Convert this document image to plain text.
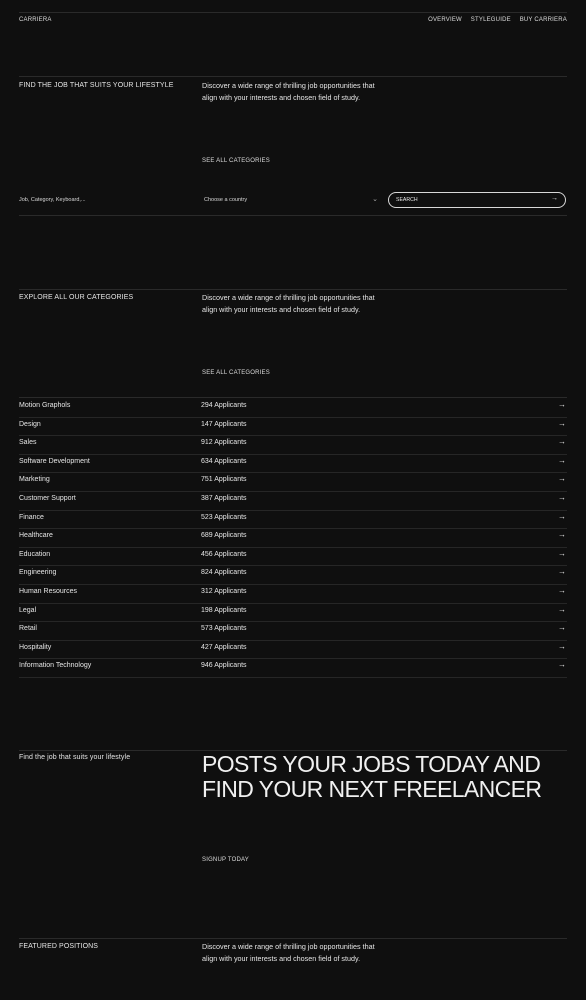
CARRIERA	OVERVIEW STYLEGUIDE BUY CARRIERA
FIND THE JOB THAT SUITS YOUR LIFESTYLE	Discover a wide range of thrilling job opportunities that align with your interests and chosen field of study.
SEE ALL CATEGORIES
Job, Category, Keyboard,...	Choose a country	⌄	SEARCH	→
EXPLORE ALL OUR CATEGORIES	Discover a wide range of thrilling job opportunities that align with your interests and chosen field of study.
SEE ALL CATEGORIES
Motion Graphols	294 Applicants	→
Design	147 Applicants	→
Sales	912 Applicants	→
Software Development	634 Applicants	→
Marketing	751 Applicants	→
Customer Support	387 Applicants	→
Finance	523 Applicants	→
Healthcare	689 Applicants	→
Education	456 Applicants	→
Engineering	824 Applicants	→
Human Resources	312 Applicants	→
Legal	198 Applicants	→
Retail	573 Applicants	→
Hospitality	427 Applicants	→
Information Technology	946 Applicants	→
Find the job that suits your lifestyle	POSTS YOUR JOBS TODAY AND
FIND YOUR NEXT FREELANCER
SIGNUP TODAY
FEATURED POSITIONS	Discover a wide range of thrilling job opportunities that align with your interests and chosen field of study.
